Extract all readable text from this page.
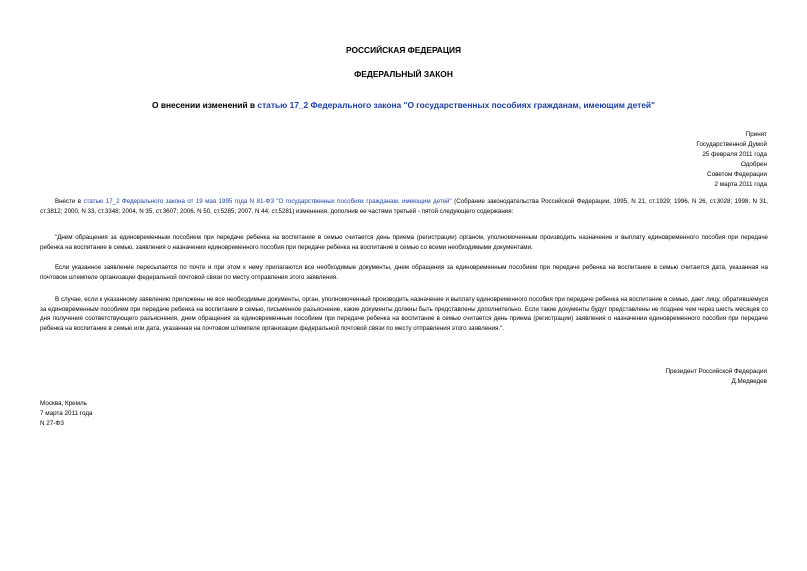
РОССИЙСКАЯ ФЕДЕРАЦИЯ
ФЕДЕРАЛЬНЫЙ ЗАКОН
О внесении изменений в статью 17_2 Федерального закона "О государственных пособиях гражданам, имеющим детей"
Принят
Государственной Думой
25 февраля 2011 года
Одобрен
Советом Федерации
2 марта 2011 года
Внести в статью 17_2 Федерального закона от 19 мая 1995 года N 81-ФЗ "О государственных пособиях гражданам, имеющим детей" (Собрание законодательства Российской Федерации, 1995, N 21, ст.1929; 1996, N 26, ст.3028; 1998, N 31, ст.3812; 2000, N 33, ст.3348; 2004, N 35, ст.3607; 2006, N 50, ст.5285; 2007, N 44, ст.5281) изменения, дополнив ее частями третьей - пятой следующего содержания:
"Днем обращения за единовременным пособием при передаче ребенка на воспитание в семью считается день приема (регистрации) органом, уполномоченным производить назначение и выплату единовременного пособия при передаче ребенка на воспитание в семью, заявления о назначении единовременного пособия при передаче ребенка на воспитание в семью со всеми необходимыми документами.
Если указанное заявление пересылается по почте и при этом к нему прилагаются все необходимые документы, днем обращения за единовременным пособием при передаче ребенка на воспитание в семью считается дата, указанная на почтовом штемпеле организации федеральной почтовой связи по месту отправления этого заявления.
В случае, если к указанному заявлению приложены не все необходимые документы, орган, уполномоченный производить назначение и выплату единовременного пособия при передаче ребенка на воспитание в семью, дает лицу, обратившемуся за единовременным пособием при передаче ребенка на воспитание в семью, письменное разъяснение, какие документы должны быть представлены дополнительно. Если такие документы будут представлены не позднее чем через шесть месяцев со дня получения соответствующего разъяснения, днем обращения за единовременным пособием при передаче ребенка на воспитание в семью считается день приема (регистрации) заявления о назначении единовременного пособия при передаче ребенка на воспитание в семью или дата, указанная на почтовом штемпеле организации федеральной почтовой связи по месту отправления этого заявления.".
Президент Российской Федерации
Д.Медведев
Москва, Кремль
7 марта 2011 года
N 27-ФЗ
